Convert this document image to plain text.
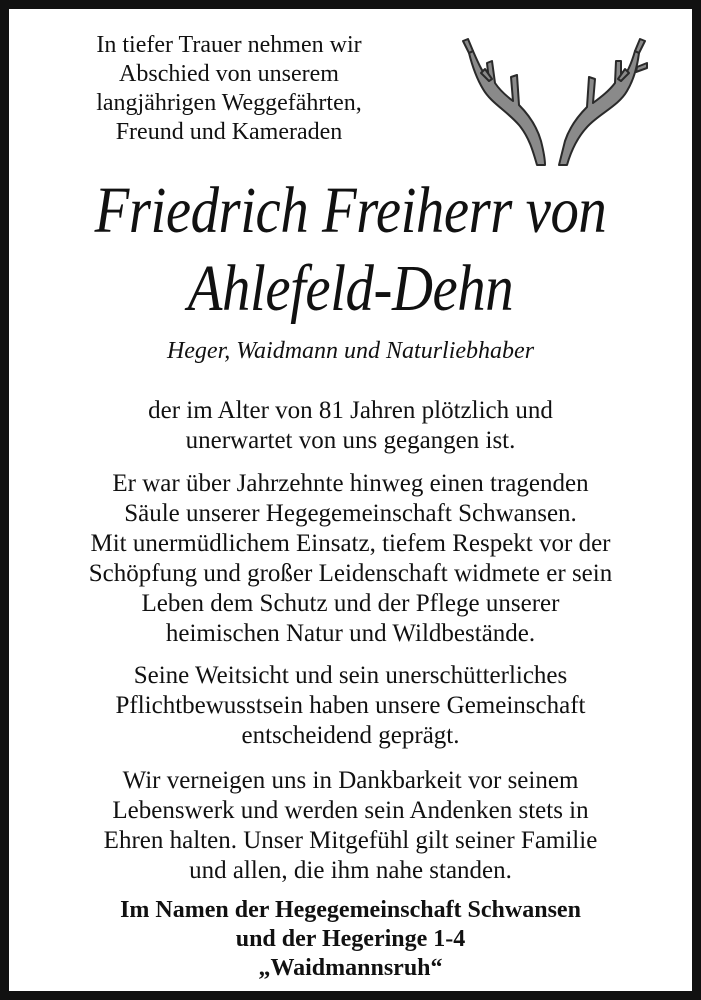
In tiefer Trauer nehmen wir
Abschied von unserem
langjährigen Weggefährten,
Freund und Kameraden
Friedrich Freiherr von
Ahlefeld-Dehn
Heger, Waidmann und Naturliebhaber
der im Alter von 81 Jahren plötzlich und
unerwartet von uns gegangen ist.
Er war über Jahrzehnte hinweg einen tragenden
Säule unserer Hegegemeinschaft Schwansen.
Mit unermüdlichem Einsatz, tiefem Respekt vor der
Schöpfung und großer Leidenschaft widmete er sein
Leben dem Schutz und der Pflege unserer
heimischen Natur und Wildbestände.
Seine Weitsicht und sein unerschütterliches
Pflichtbewusstsein haben unsere Gemeinschaft
entscheidend geprägt.
Wir verneigen uns in Dankbarkeit vor seinem
Lebenswerk und werden sein Andenken stets in
Ehren halten. Unser Mitgefühl gilt seiner Familie
und allen, die ihm nahe standen.
Im Namen der Hegegemeinschaft Schwansen
und der Hegeringe 1-4
„Waidmannsruh“
